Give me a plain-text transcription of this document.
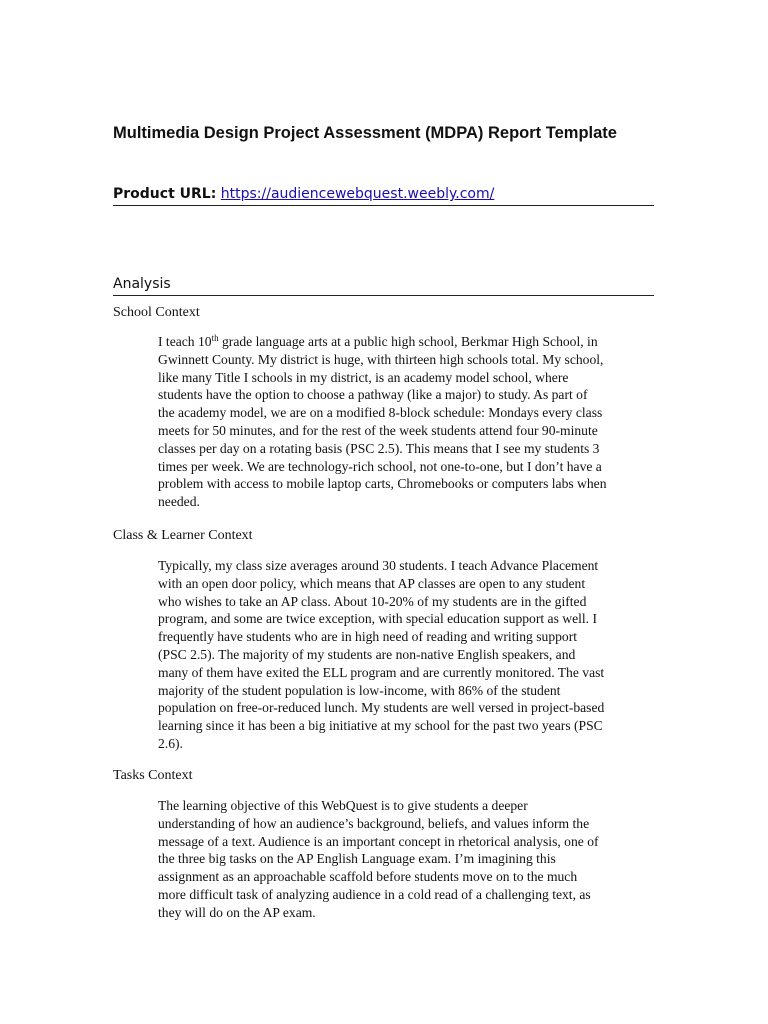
Multimedia Design Project Assessment (MDPA) Report Template
Product URL: https://audiencewebquest.weebly.com/
Analysis
School Context

I teach 10th grade language arts at a public high school, Berkmar High School, in
Gwinnett County. My district is huge, with thirteen high schools total. My school,
like many Title I schools in my district, is an academy model school, where
students have the option to choose a pathway (like a major) to study. As part of
the academy model, we are on a modified 8-block schedule: Mondays every class
meets for 50 minutes, and for the rest of the week students attend four 90-minute
classes per day on a rotating basis (PSC 2.5). This means that I see my students 3
times per week. We are technology-rich school, not one-to-one, but I don’t have a
problem with access to mobile laptop carts, Chromebooks or computers labs when
needed.

Class & Learner Context

Typically, my class size averages around 30 students. I teach Advance Placement
with an open door policy, which means that AP classes are open to any student
who wishes to take an AP class. About 10-20% of my students are in the gifted
program, and some are twice exception, with special education support as well. I
frequently have students who are in high need of reading and writing support
(PSC 2.5). The majority of my students are non-native English speakers, and
many of them have exited the ELL program and are currently monitored. The vast
majority of the student population is low-income, with 86% of the student
population on free-or-reduced lunch. My students are well versed in project-based
learning since it has been a big initiative at my school for the past two years (PSC
2.6).

Tasks Context

The learning objective of this WebQuest is to give students a deeper
understanding of how an audience’s background, beliefs, and values inform the
message of a text. Audience is an important concept in rhetorical analysis, one of
the three big tasks on the AP English Language exam. I’m imagining this
assignment as an approachable scaffold before students move on to the much
more difficult task of analyzing audience in a cold read of a challenging text, as
they will do on the AP exam.
